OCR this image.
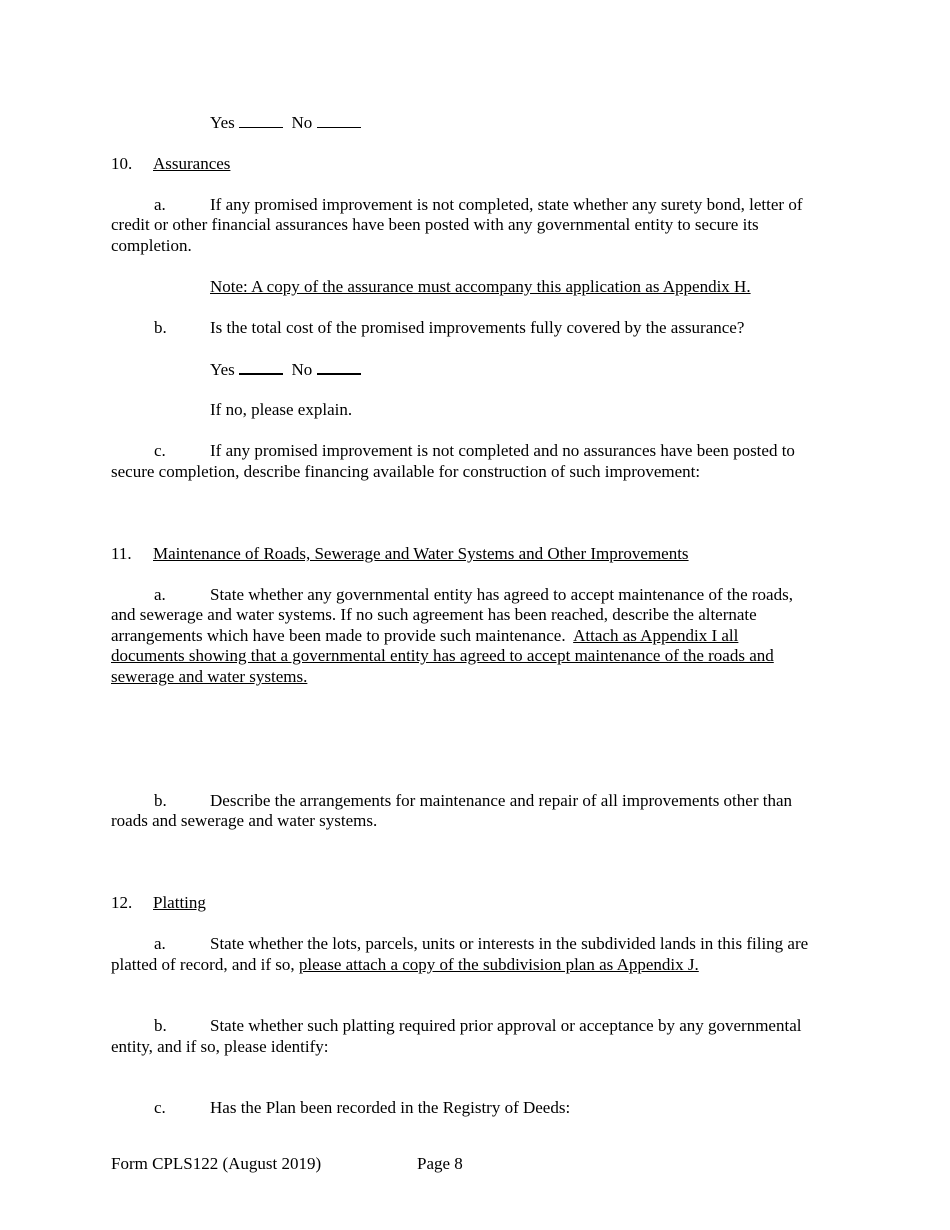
Yes	No
10. Assurances
a.	If any promised improvement is not completed, state whether any surety bond, letter of
credit or other financial assurances have been posted with any governmental entity to secure its
completion.
Note: A copy of the assurance must accompany this application as Appendix H.
b.	Is the total cost of the promised improvements fully covered by the assurance?
Yes	No
If no, please explain.
c.	If any promised improvement is not completed and no assurances have been posted to
secure completion, describe financing available for construction of such improvement:
11. Maintenance of Roads, Sewerage and Water Systems and Other Improvements
a.	State whether any governmental entity has agreed to accept maintenance of the roads,
and sewerage and water systems. If no such agreement has been reached, describe the alternate
arrangements which have been made to provide such maintenance.  Attach as Appendix I all
documents showing that a governmental entity has agreed to accept maintenance of the roads and
sewerage and water systems.
b.	Describe the arrangements for maintenance and repair of all improvements other than
roads and sewerage and water systems.
12. Platting
a.	State whether the lots, parcels, units or interests in the subdivided lands in this filing are
platted of record, and if so, please attach a copy of the subdivision plan as Appendix J.
b.	State whether such platting required prior approval or acceptance by any governmental
entity, and if so, please identify:
c.	Has the Plan been recorded in the Registry of Deeds:
Form CPLS122 (August 2019)	Page 8
